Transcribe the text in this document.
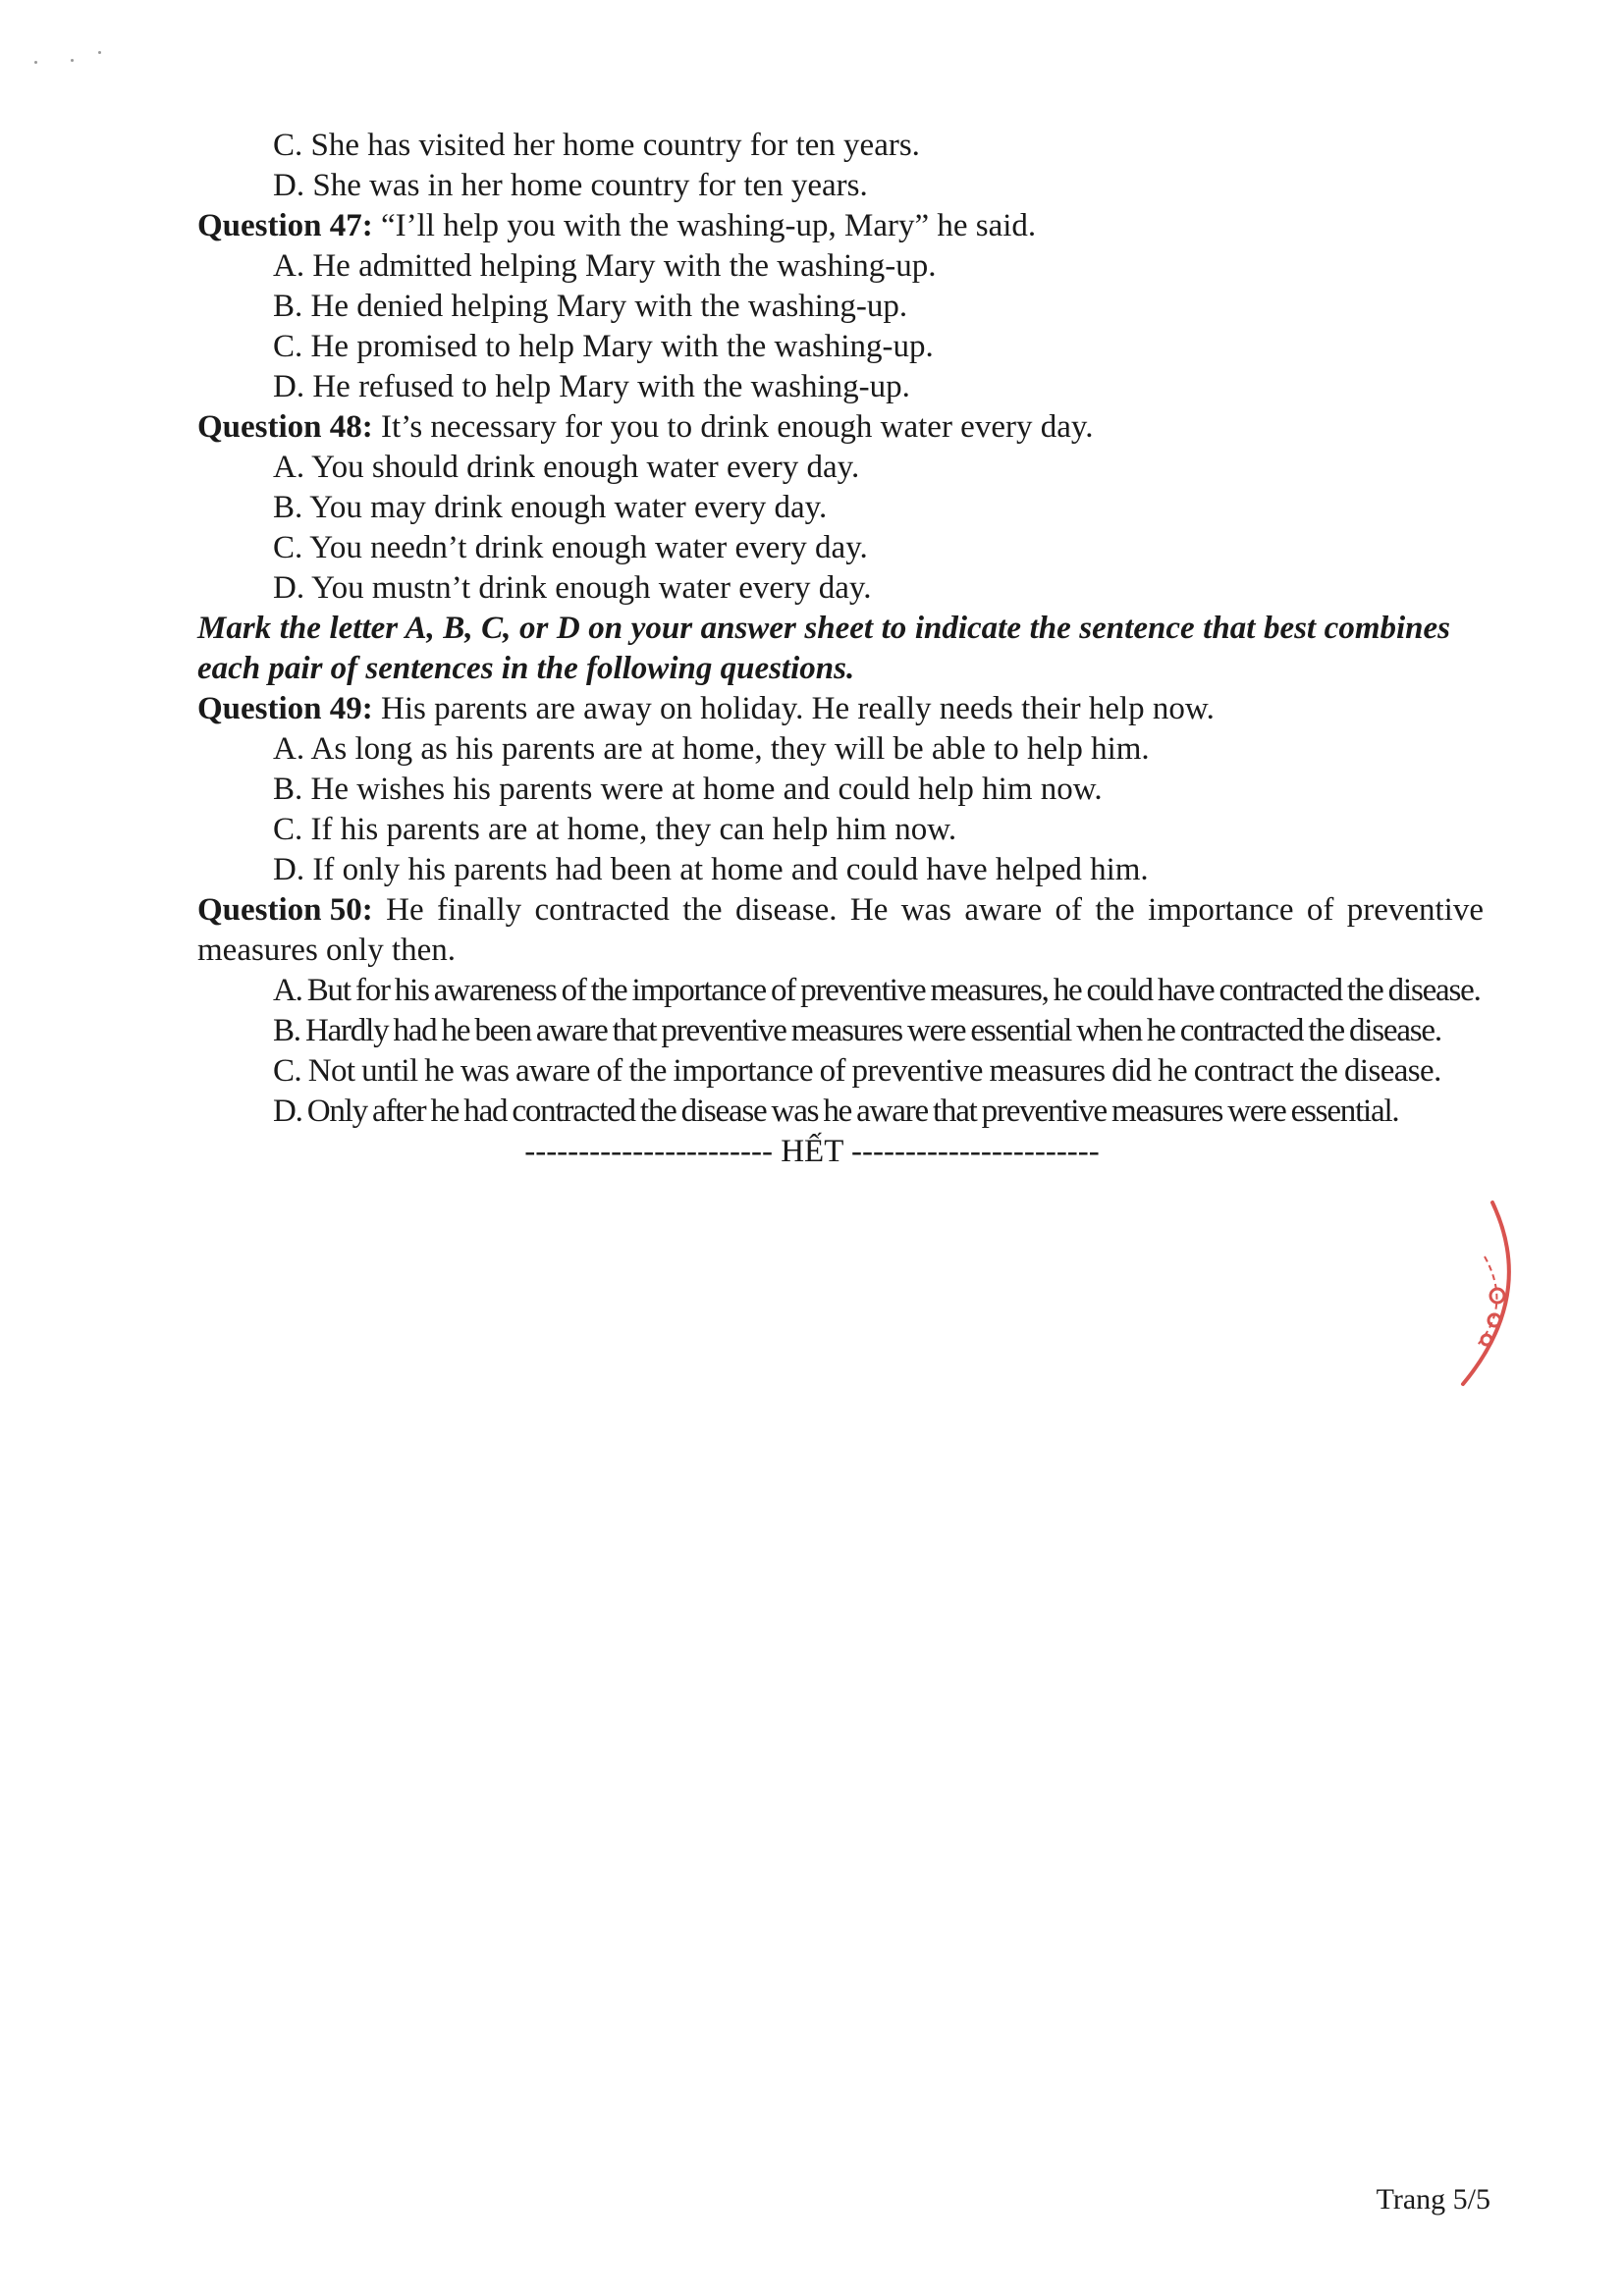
C. She has visited her home country for ten years.
D. She was in her home country for ten years.
Question 47: “I’ll help you with the washing-up, Mary” he said.
A. He admitted helping Mary with the washing-up.
B. He denied helping Mary with the washing-up.
C. He promised to help Mary with the washing-up.
D. He refused to help Mary with the washing-up.
Question 48: It’s necessary for you to drink enough water every day.
A. You should drink enough water every day.
B. You may drink enough water every day.
C. You needn’t drink enough water every day.
D. You mustn’t drink enough water every day.
Mark the letter A, B, C, or D on your answer sheet to indicate the sentence that best combines each pair of sentences in the following questions.
Question 49: His parents are away on holiday. He really needs their help now.
A. As long as his parents are at home, they will be able to help him.
B. He wishes his parents were at home and could help him now.
C. If his parents are at home, they can help him now.
D. If only his parents had been at home and could have helped him.
Question 50: He finally contracted the disease. He was aware of the importance of preventive
measures only then.
A. But for his awareness of the importance of preventive measures, he could have contracted the disease.
B. Hardly had he been aware that preventive measures were essential when he contracted the disease.
C. Not until he was aware of the importance of preventive measures did he contract the disease.
D. Only after he had contracted the disease was he aware that preventive measures were essential.
----------------------- HẾT -----------------------
Trang 5/5
